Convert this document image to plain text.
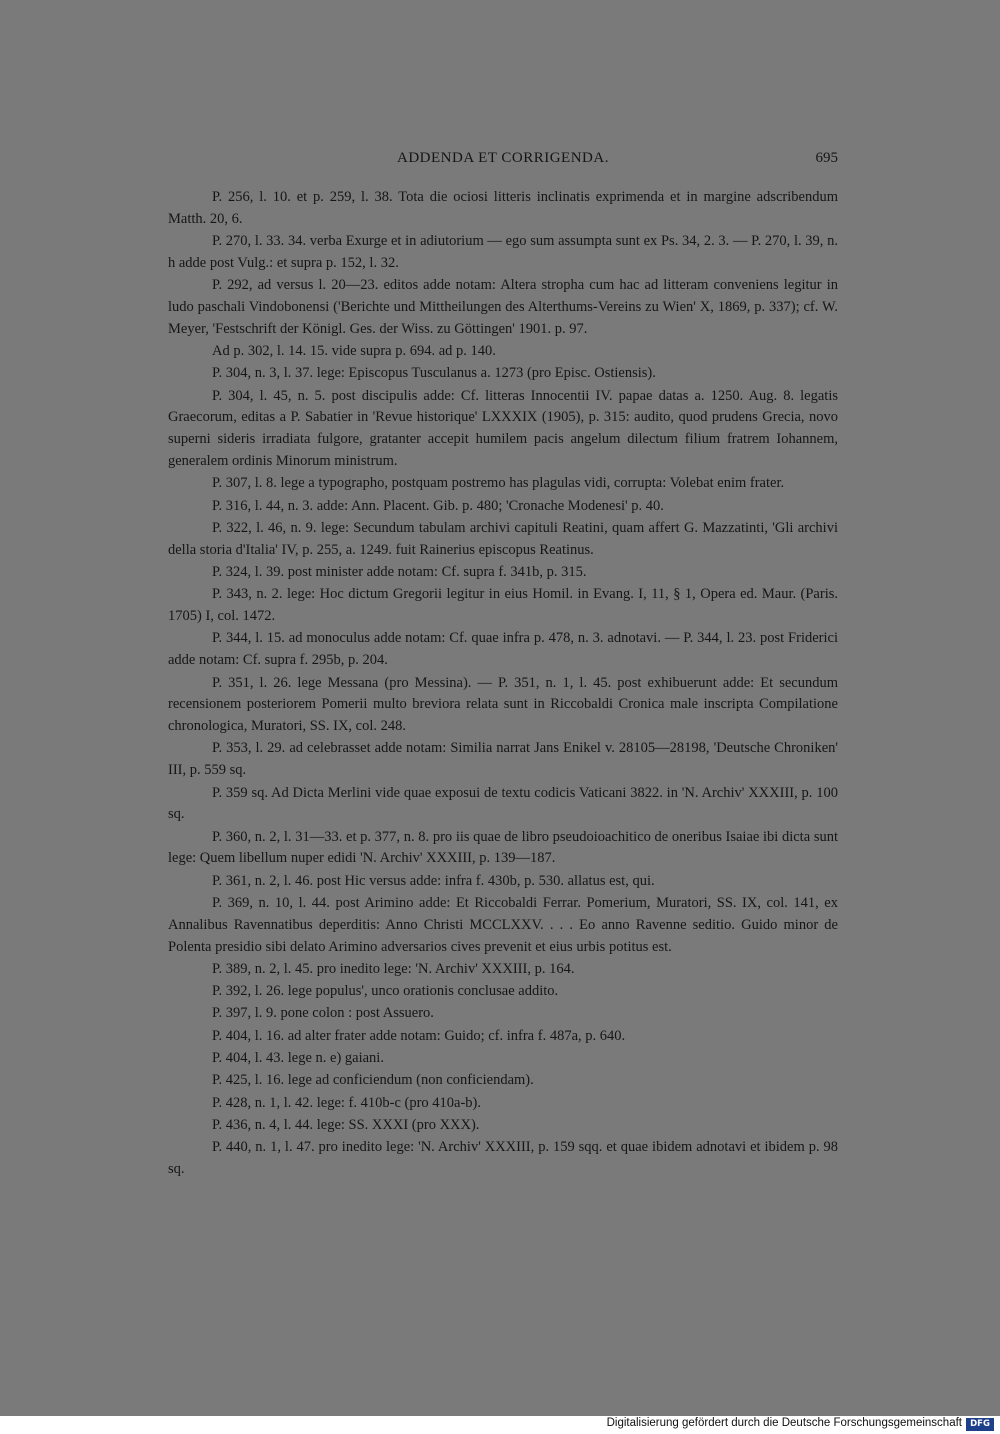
ADDENDA ET CORRIGENDA.	695

P. 256, l. 10. et p. 259, l. 38. Tota die ociosi litteris inclinatis exprimenda et in margine adscribendum Matth. 20, 6.

P. 270, l. 33. 34. verba Exurge et in adiutorium — ego sum assumpta sunt ex Ps. 34, 2. 3. — P. 270, l. 39, n. h adde post Vulg.: et supra p. 152, l. 32.

P. 292, ad versus l. 20—23. editos adde notam: Altera stropha cum hac ad litteram conveniens legitur in ludo paschali Vindobonensi ('Berichte und Mittheilungen des Alterthums-Vereins zu Wien' X, 1869, p. 337); cf. W. Meyer, 'Festschrift der Königl. Ges. der Wiss. zu Göttingen' 1901. p. 97.

Ad p. 302, l. 14. 15. vide supra p. 694. ad p. 140.

P. 304, n. 3, l. 37. lege: Episcopus Tusculanus a. 1273 (pro Episc. Ostiensis).

P. 304, l. 45, n. 5. post discipulis adde: Cf. litteras Innocentii IV. papae datas a. 1250. Aug. 8. legatis Graecorum, editas a P. Sabatier in 'Revue historique' LXXXIX (1905), p. 315: audito, quod prudens Grecia, novo superni sideris irradiata fulgore, gratanter accepit humilem pacis angelum dilectum filium fratrem Iohannem, generalem ordinis Minorum ministrum.

P. 307, l. 8. lege a typographo, postquam postremo has plagulas vidi, corrupta: Volebat enim frater.

P. 316, l. 44, n. 3. adde: Ann. Placent. Gib. p. 480; 'Cronache Modenesi' p. 40.

P. 322, l. 46, n. 9. lege: Secundum tabulam archivi capituli Reatini, quam affert G. Mazzatinti, 'Gli archivi della storia d'Italia' IV, p. 255, a. 1249. fuit Rainerius episcopus Reatinus.

P. 324, l. 39. post minister adde notam: Cf. supra f. 341b, p. 315.

P. 343, n. 2. lege: Hoc dictum Gregorii legitur in eius Homil. in Evang. I, 11, § 1, Opera ed. Maur. (Paris. 1705) I, col. 1472.

P. 344, l. 15. ad monoculus adde notam: Cf. quae infra p. 478, n. 3. adnotavi. — P. 344, l. 23. post Friderici adde notam: Cf. supra f. 295b, p. 204.

P. 351, l. 26. lege Messana (pro Messina). — P. 351, n. 1, l. 45. post exhibuerunt adde: Et secundum recensionem posteriorem Pomerii multo breviora relata sunt in Riccobaldi Cronica male inscripta Compilatione chronologica, Muratori, SS. IX, col. 248.

P. 353, l. 29. ad celebrasset adde notam: Similia narrat Jans Enikel v. 28105—28198, 'Deutsche Chroniken' III, p. 559 sq.

P. 359 sq. Ad Dicta Merlini vide quae exposui de textu codicis Vaticani 3822. in 'N. Archiv' XXXIII, p. 100 sq.

P. 360, n. 2, l. 31—33. et p. 377, n. 8. pro iis quae de libro pseudoioachitico de oneribus Isaiae ibi dicta sunt lege: Quem libellum nuper edidi 'N. Archiv' XXXIII, p. 139—187.

P. 361, n. 2, l. 46. post Hic versus adde: infra f. 430b, p. 530. allatus est, qui.

P. 369, n. 10, l. 44. post Arimino adde: Et Riccobaldi Ferrar. Pomerium, Muratori, SS. IX, col. 141, ex Annalibus Ravennatibus deperditis: Anno Christi MCCLXXV. . . . Eo anno Ravenne seditio. Guido minor de Polenta presidio sibi delato Arimino adversarios cives prevenit et eius urbis potitus est.

P. 389, n. 2, l. 45. pro inedito lege: 'N. Archiv' XXXIII, p. 164.

P. 392, l. 26. lege populus', unco orationis conclusae addito.

P. 397, l. 9. pone colon : post Assuero.

P. 404, l. 16. ad alter frater adde notam: Guido; cf. infra f. 487a, p. 640.

P. 404, l. 43. lege n. e) gaiani.

P. 425, l. 16. lege ad conficiendum (non conficiendam).

P. 428, n. 1, l. 42. lege: f. 410b-c (pro 410a-b).

P. 436, n. 4, l. 44. lege: SS. XXXI (pro XXX).

P. 440, n. 1, l. 47. pro inedito lege: 'N. Archiv' XXXIII, p. 159 sqq. et quae ibidem adnotavi et ibidem p. 98 sq.

Digitalisierung gefördert durch die Deutsche Forschungsgemeinschaft DFG
